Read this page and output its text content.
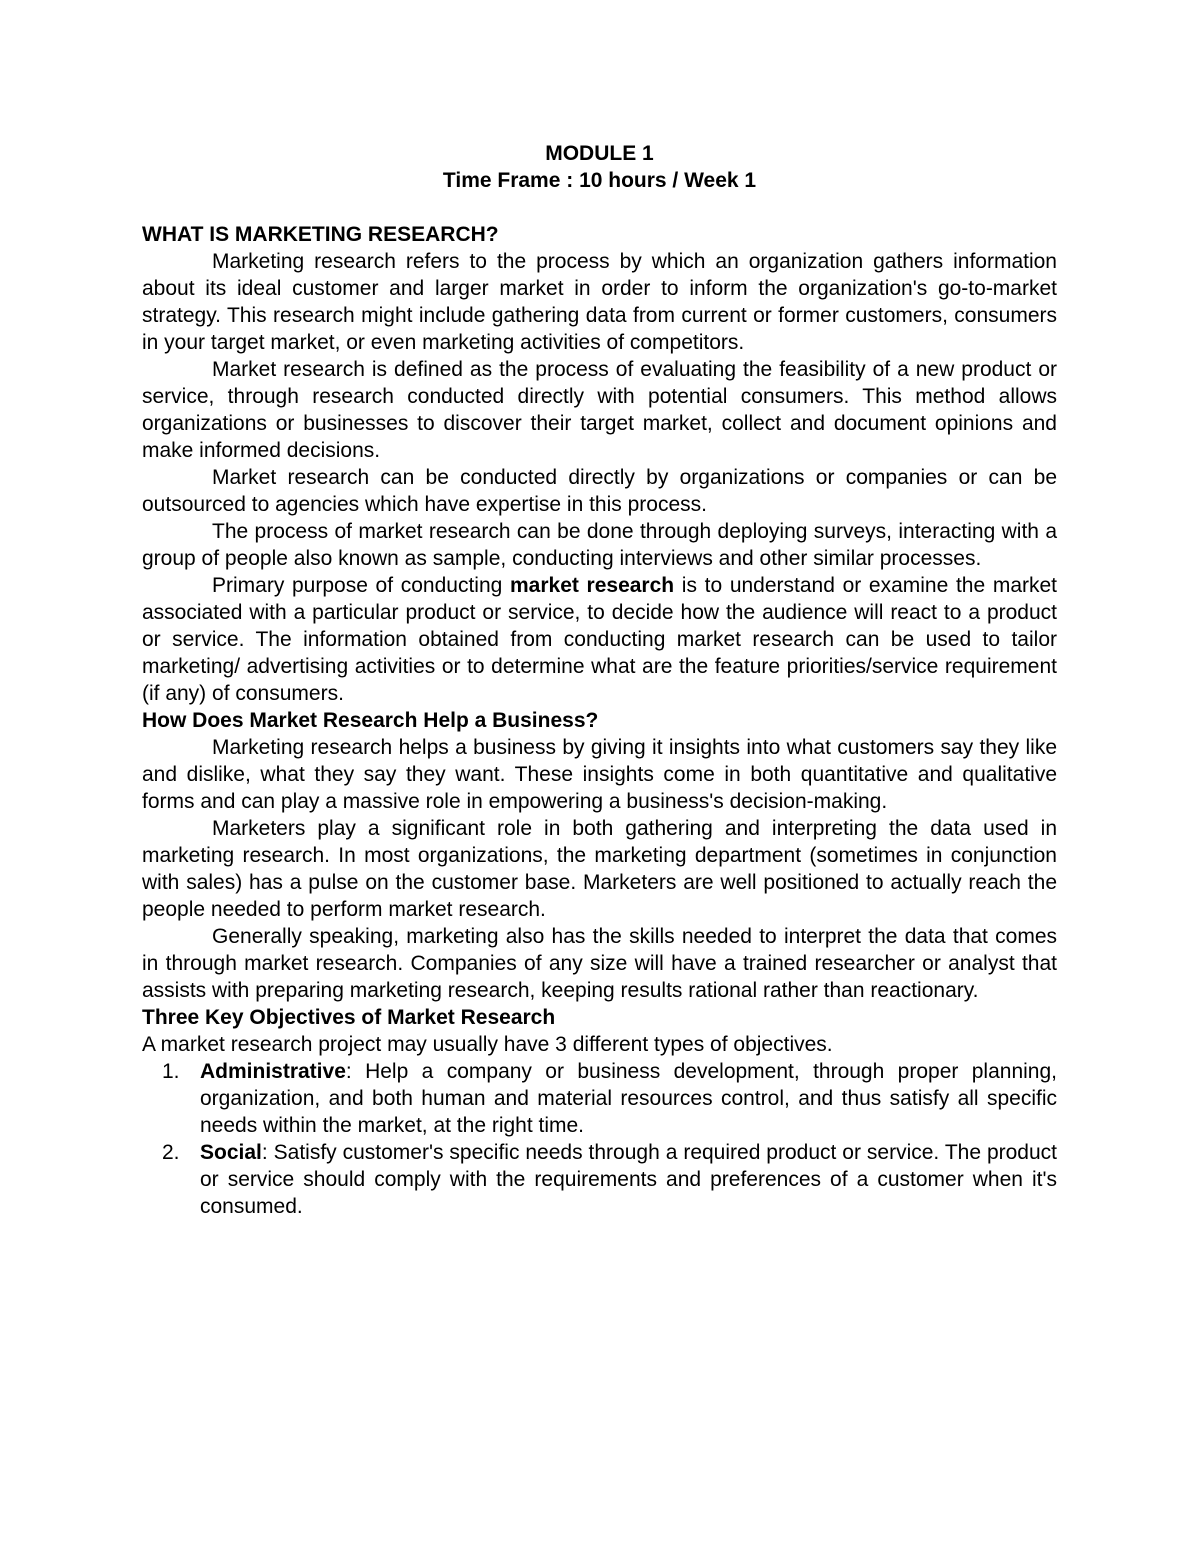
MODULE 1
Time Frame : 10 hours / Week 1
WHAT IS MARKETING RESEARCH?

Marketing research refers to the process by which an organization gathers information about its ideal customer and larger market in order to inform the organization's go-to-market strategy. This research might include gathering data from current or former customers, consumers in your target market, or even marketing activities of competitors.

Market research is defined as the process of evaluating the feasibility of a new product or service, through research conducted directly with potential consumers. This method allows organizations or businesses to discover their target market, collect and document opinions and make informed decisions.

Market research can be conducted directly by organizations or companies or can be outsourced to agencies which have expertise in this process.

The process of market research can be done through deploying surveys, interacting with a group of people also known as sample, conducting interviews and other similar processes.

Primary purpose of conducting market research is to understand or examine the market associated with a particular product or service, to decide how the audience will react to a product or service. The information obtained from conducting market research can be used to tailor marketing/ advertising activities or to determine what are the feature priorities/service requirement (if any) of consumers.

How Does Market Research Help a Business?

Marketing research helps a business by giving it insights into what customers say they like and dislike, what they say they want. These insights come in both quantitative and qualitative forms and can play a massive role in empowering a business's decision-making.

Marketers play a significant role in both gathering and interpreting the data used in marketing research. In most organizations, the marketing department (sometimes in conjunction with sales) has a pulse on the customer base. Marketers are well positioned to actually reach the people needed to perform market research.

Generally speaking, marketing also has the skills needed to interpret the data that comes in through market research. Companies of any size will have a trained researcher or analyst that assists with preparing marketing research, keeping results rational rather than reactionary.

Three Key Objectives of Market Research

A market research project may usually have 3 different types of objectives.

1. Administrative: Help a company or business development, through proper planning, organization, and both human and material resources control, and thus satisfy all specific needs within the market, at the right time.
2. Social: Satisfy customer's specific needs through a required product or service. The product or service should comply with the requirements and preferences of a customer when it's consumed.
